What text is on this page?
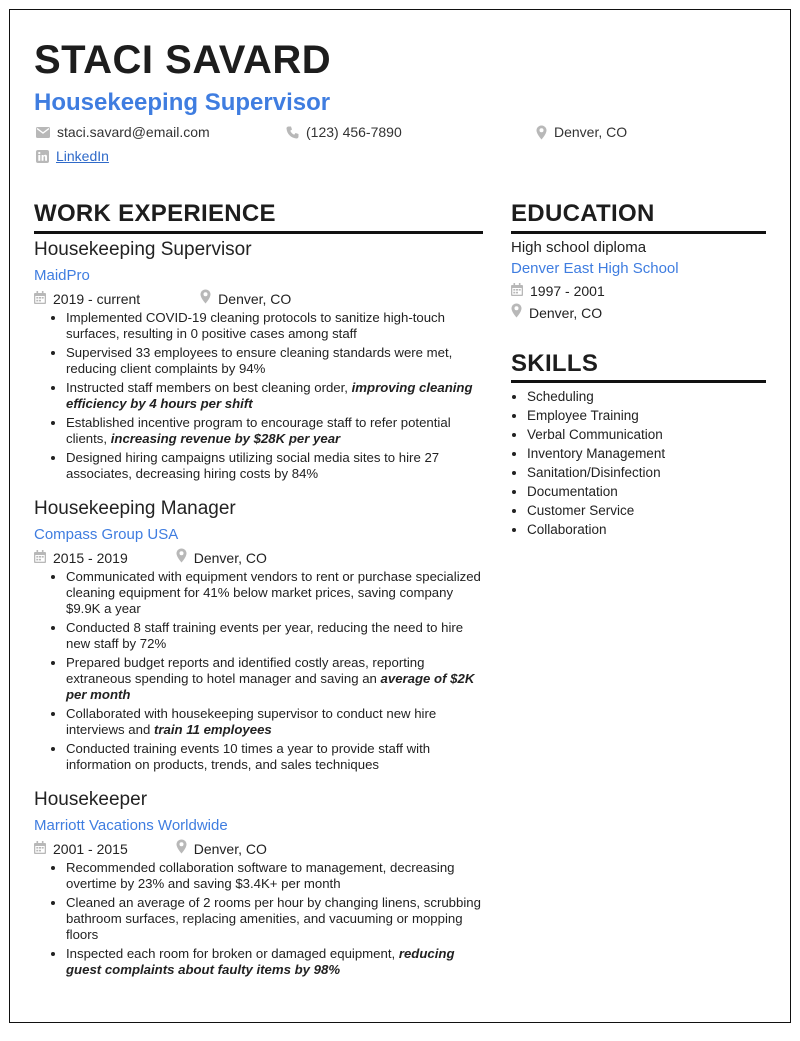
STACI SAVARD
Housekeeping Supervisor
staci.savard@email.com	(123) 456-7890	Denver, CO
LinkedIn
WORK EXPERIENCE	EDUCATION
SKILLS
Housekeeping Supervisor
MaidPro
2019 - current	Denver, CO
• Implemented COVID-19 cleaning protocols to sanitize high-touch surfaces, resulting in 0 positive cases among staff
• Supervised 33 employees to ensure cleaning standards were met, reducing client complaints by 94%
• Instructed staff members on best cleaning order, improving cleaning efficiency by 4 hours per shift
• Established incentive program to encourage staff to refer potential clients, increasing revenue by $28K per year
• Designed hiring campaigns utilizing social media sites to hire 27 associates, decreasing hiring costs by 84%
Housekeeping Manager
Compass Group USA
2015 - 2019	Denver, CO
• Communicated with equipment vendors to rent or purchase specialized cleaning equipment for 41% below market prices, saving company $9.9K a year
• Conducted 8 staff training events per year, reducing the need to hire new staff by 72%
• Prepared budget reports and identified costly areas, reporting extraneous spending to hotel manager and saving an average of $2K per month
• Collaborated with housekeeping supervisor to conduct new hire interviews and train 11 employees
• Conducted training events 10 times a year to provide staff with information on products, trends, and sales techniques
Housekeeper
Marriott Vacations Worldwide
2001 - 2015	Denver, CO
• Recommended collaboration software to management, decreasing overtime by 23% and saving $3.4K+ per month
• Cleaned an average of 2 rooms per hour by changing linens, scrubbing bathroom surfaces, replacing amenities, and vacuuming or mopping floors
• Inspected each room for broken or damaged equipment, reducing guest complaints about faulty items by 98%
High school diploma
Denver East High School
1997 - 2001
Denver, CO
• Scheduling
• Employee Training
• Verbal Communication
• Inventory Management
• Sanitation/Disinfection
• Documentation
• Customer Service
• Collaboration
